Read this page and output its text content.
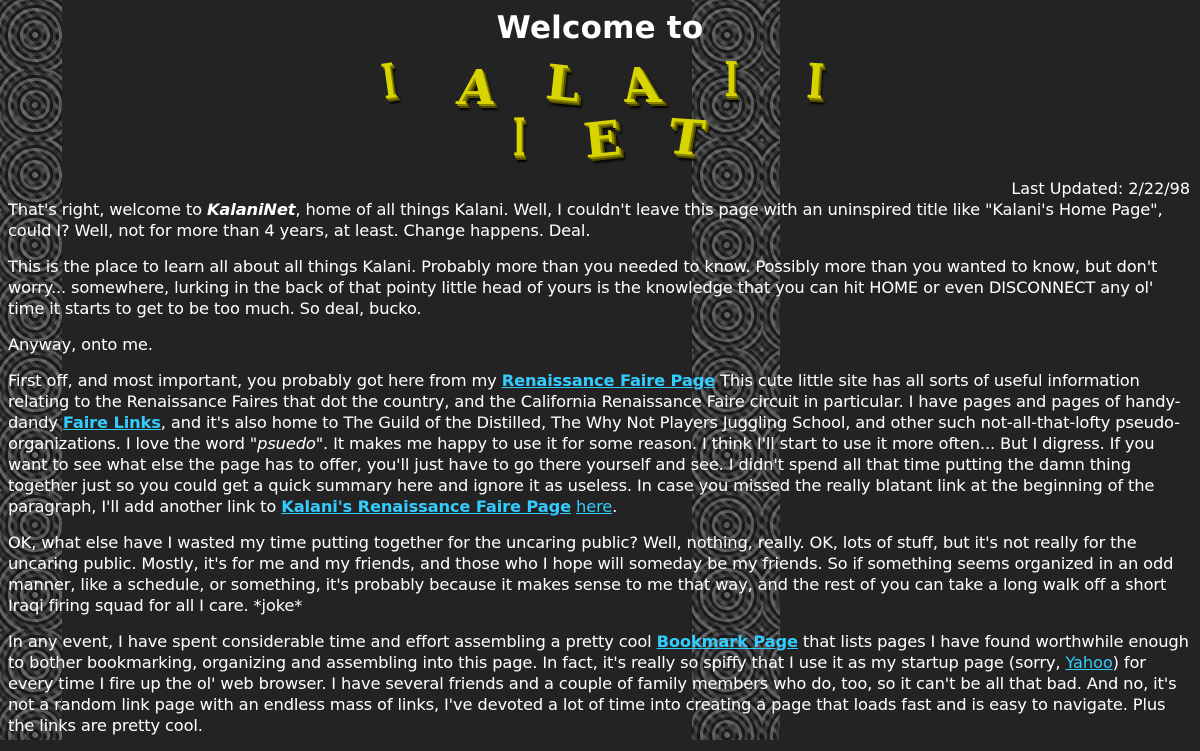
Welcome to
I A L A I I
I E T
Last Updated: 2/22/98

That's right, welcome to KalaniNet, home of all things Kalani. Well, I couldn't leave this page with an uninspired title like "Kalani's Home Page", could I? Well, not for more than 4 years, at least. Change happens. Deal.

This is the place to learn all about all things Kalani. Probably more than you needed to know. Possibly more than you wanted to know, but don't worry... somewhere, lurking in the back of that pointy little head of yours is the knowledge that you can hit HOME or even DISCONNECT any ol' time it starts to get to be too much. So deal, bucko.

Anyway, onto me.

First off, and most important, you probably got here from my Renaissance Faire Page This cute little site has all sorts of useful information relating to the Renaissance Faires that dot the country, and the California Renaissance Faire circuit in particular. I have pages and pages of handy-dandy Faire Links, and it's also home to The Guild of the Distilled, The Why Not Players Juggling School, and other such not-all-that-lofty pseudo-organizations. I love the word "psuedo". It makes me happy to use it for some reason. I think I'll start to use it more often... But I digress. If you want to see what else the page has to offer, you'll just have to go there yourself and see. I didn't spend all that time putting the damn thing together just so you could get a quick summary here and ignore it as useless. In case you missed the really blatant link at the beginning of the paragraph, I'll add another link to Kalani's Renaissance Faire Page here.

OK, what else have I wasted my time putting together for the uncaring public? Well, nothing, really. OK, lots of stuff, but it's not really for the uncaring public. Mostly, it's for me and my friends, and those who I hope will someday be my friends. So if something seems organized in an odd manner, like a schedule, or something, it's probably because it makes sense to me that way, and the rest of you can take a long walk off a short Iraqi firing squad for all I care. *joke*

In any event, I have spent considerable time and effort assembling a pretty cool Bookmark Page that lists pages I have found worthwhile enough to bother bookmarking, organizing and assembling into this page. In fact, it's really so spiffy that I use it as my startup page (sorry, Yahoo) for every time I fire up the ol' web browser. I have several friends and a couple of family members who do, too, so it can't be all that bad. And no, it's not a random link page with an endless mass of links, I've devoted a lot of time into creating a page that loads fast and is easy to navigate. Plus the links are pretty cool.
